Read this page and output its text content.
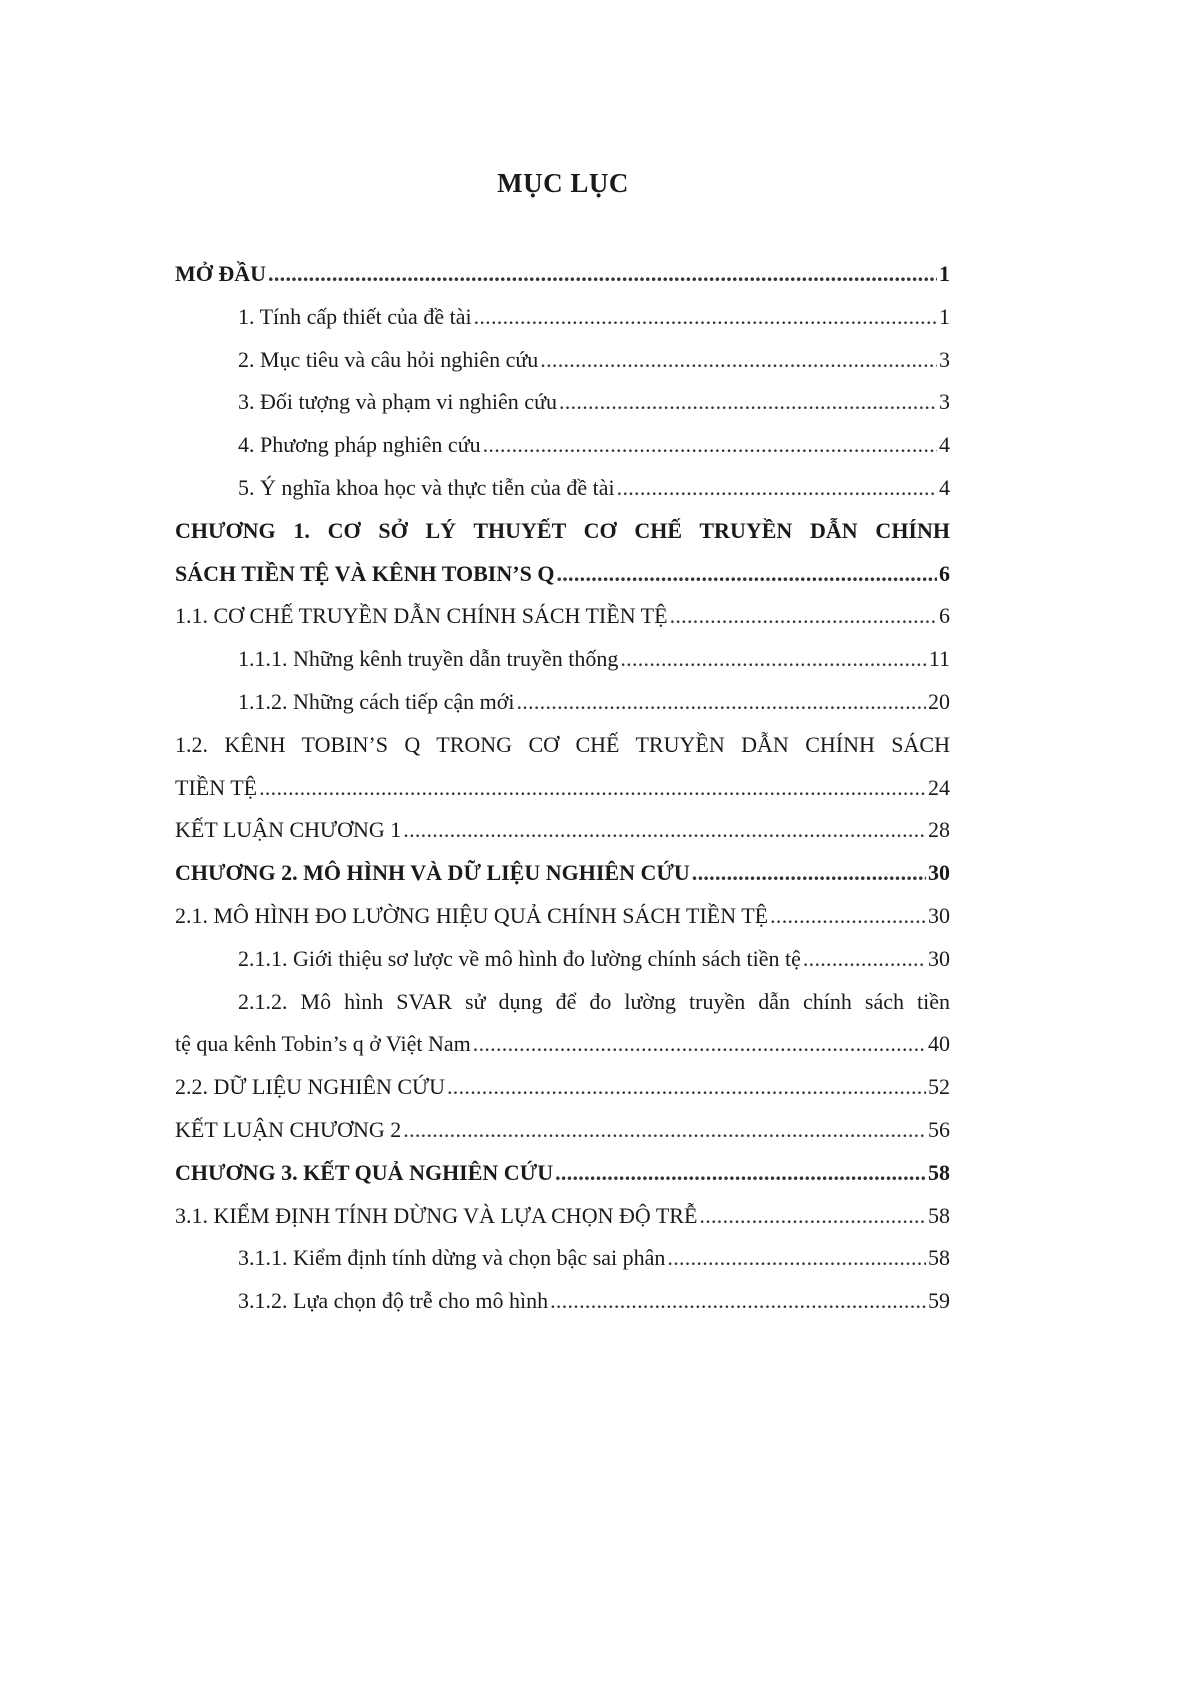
MỤC LỤC
MỞ ĐẦU . . .	1
1. Tính cấp thiết của đề tài . . .	1
2. Mục tiêu và câu hỏi nghiên cứu . . .	3
3. Đối tượng và phạm vi nghiên cứu . . .	3
4. Phương pháp nghiên cứu . . .	4
5. Ý nghĩa khoa học và thực tiễn của đề tài . . .	4
CHƯƠNG 1. CƠ SỞ LÝ THUYẾT CƠ CHẾ TRUYỀN DẪN CHÍNH
SÁCH TIỀN TỆ VÀ KÊNH TOBIN’S Q . . .	6
1.1. CƠ CHẾ TRUYỀN DẪN CHÍNH SÁCH TIỀN TỆ . . .	6
1.1.1. Những kênh truyền dẫn truyền thống . . .	11
1.1.2. Những cách tiếp cận mới . . .	20
1.2. KÊNH TOBIN’S Q TRONG CƠ CHẾ TRUYỀN DẪN CHÍNH SÁCH
TIỀN TỆ . . .	24
KẾT LUẬN CHƯƠNG 1 . . .	28
CHƯƠNG 2. MÔ HÌNH VÀ DỮ LIỆU NGHIÊN CỨU . . .	30
2.1. MÔ HÌNH ĐO LƯỜNG HIỆU QUẢ CHÍNH SÁCH TIỀN TỆ . . .	30
2.1.1. Giới thiệu sơ lược về mô hình đo lường chính sách tiền tệ . . .	30
2.1.2. Mô hình SVAR sử dụng để đo lường truyền dẫn chính sách tiền
tệ qua kênh Tobin’s q ở Việt Nam . . .	40
2.2. DỮ LIỆU NGHIÊN CỨU . . .	52
KẾT LUẬN CHƯƠNG 2 . . .	56
CHƯƠNG 3. KẾT QUẢ NGHIÊN CỨU . . .	58
3.1. KIỂM ĐỊNH TÍNH DỪNG VÀ LỰA CHỌN ĐỘ TRỄ . . .	58
3.1.1. Kiểm định tính dừng và chọn bậc sai phân . . .	58
3.1.2. Lựa chọn độ trễ cho mô hình . . .	59
